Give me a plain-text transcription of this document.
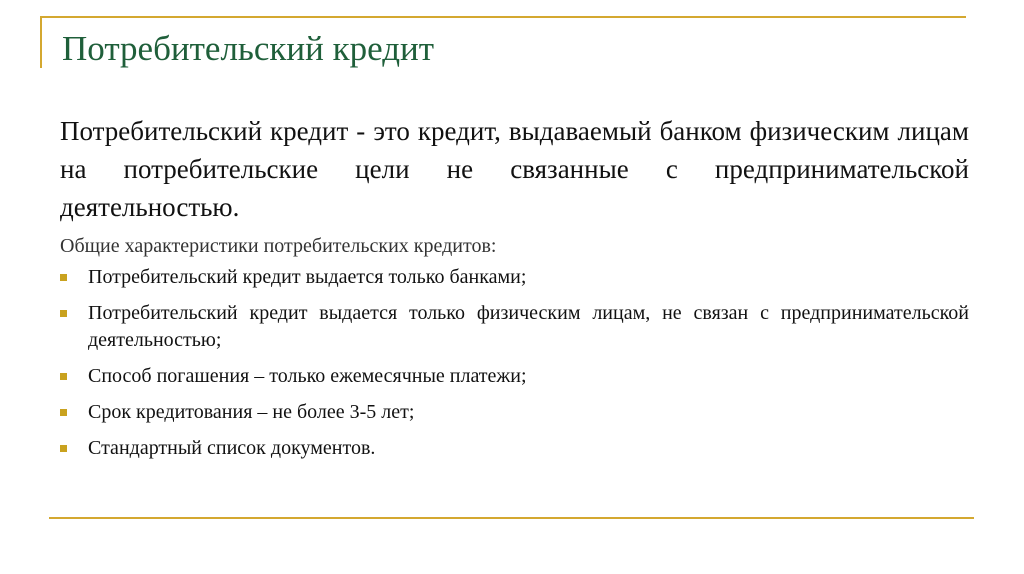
Потребительский кредит

Потребительский кредит - это кредит, выдаваемый банком физическим лицам на потребительские цели не связанные с предпринимательской деятельностью.

Общие характеристики потребительских кредитов:

Потребительский кредит выдается только банками;
Потребительский кредит выдается только физическим лицам, не связан с предпринимательской деятельностью;
Способ погашения – только ежемесячные платежи;
Срок кредитования – не более 3-5 лет;
Стандартный список документов.
